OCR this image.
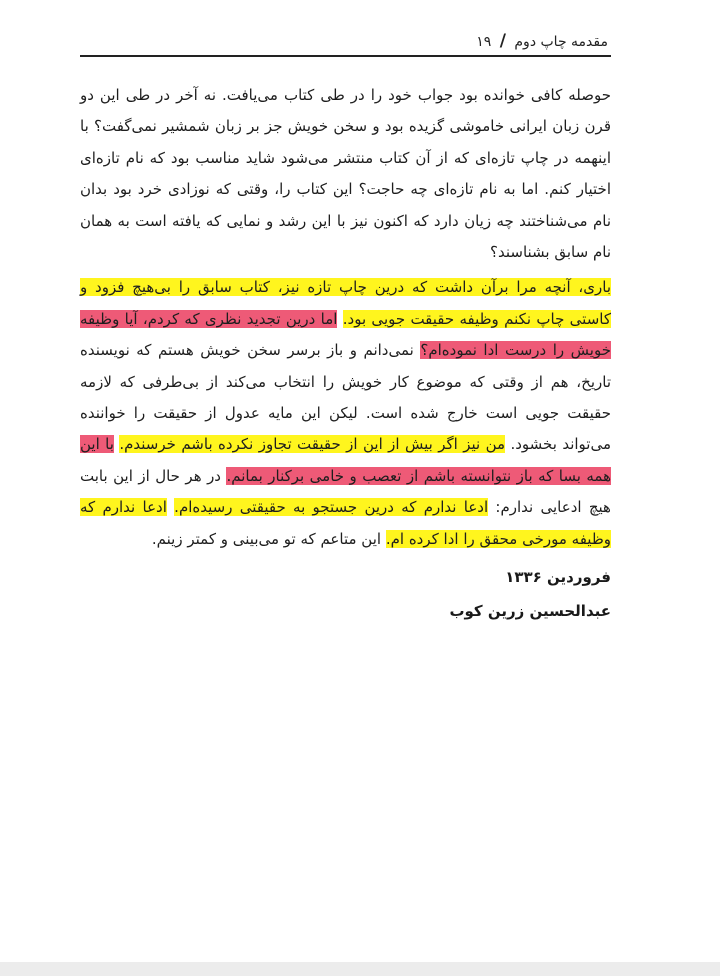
مقدمه چاپ دوم / ۱۹

حوصله کافی خوانده بود جواب خود را در طی کتاب می‌یافت. نه آخر در طی این دو قرن زبان ایرانی خاموشی گزیده بود و سخن خویش جز بر زبان شمشیر نمی‌گفت؟ با اینهمه در چاپ تازه‌ای که از آن کتاب منتشر می‌شود شاید مناسب بود که نام تازه‌ای اختیار کنم. اما به نام تازه‌ای چه حاجت؟ این کتاب را، وقتی که نوزادی خرد بود بدان نام می‌شناختند چه زیان دارد که اکنون نیز با این رشد و نمایی که یافته است به همان نام سابق بشناسند؟

باری، آنچه مرا برآن داشت که درین چاپ تازه نیز، کتاب سابق را بی‌هیچ فزود و کاستی چاپ نکنم وظیفه حقیقت جویی بود. اما درین تجدید نظری که کردم، آیا وظیفه خویش را درست ادا نموده‌ام؟ نمی‌دانم و باز برسر سخن خویش هستم که نویسنده تاریخ، هم از وقتی که موضوع کار خویش را انتخاب می‌کند از بی‌طرفی که لازمه حقیقت جویی است خارج شده است. لیکن این مایه عدول از حقیقت را خواننده می‌تواند بخشود. من نیز اگر بیش از این از حقیقت تجاوز نکرده باشم خرسندم. با این همه بسا که باز نتوانسته باشم از تعصب و خامی برکنار بمانم. در هر حال از این بابت هیچ ادعایی ندارم: ادعا ندارم که درین جستجو به حقیقتی رسیده‌ام. ادعا ندارم که وظیفه مورخی محقق را ادا کرده ام. این متاعم که تو می‌بینی و کمتر زینم.

فروردین ۱۳۳۶
عبدالحسین زرین کوب
